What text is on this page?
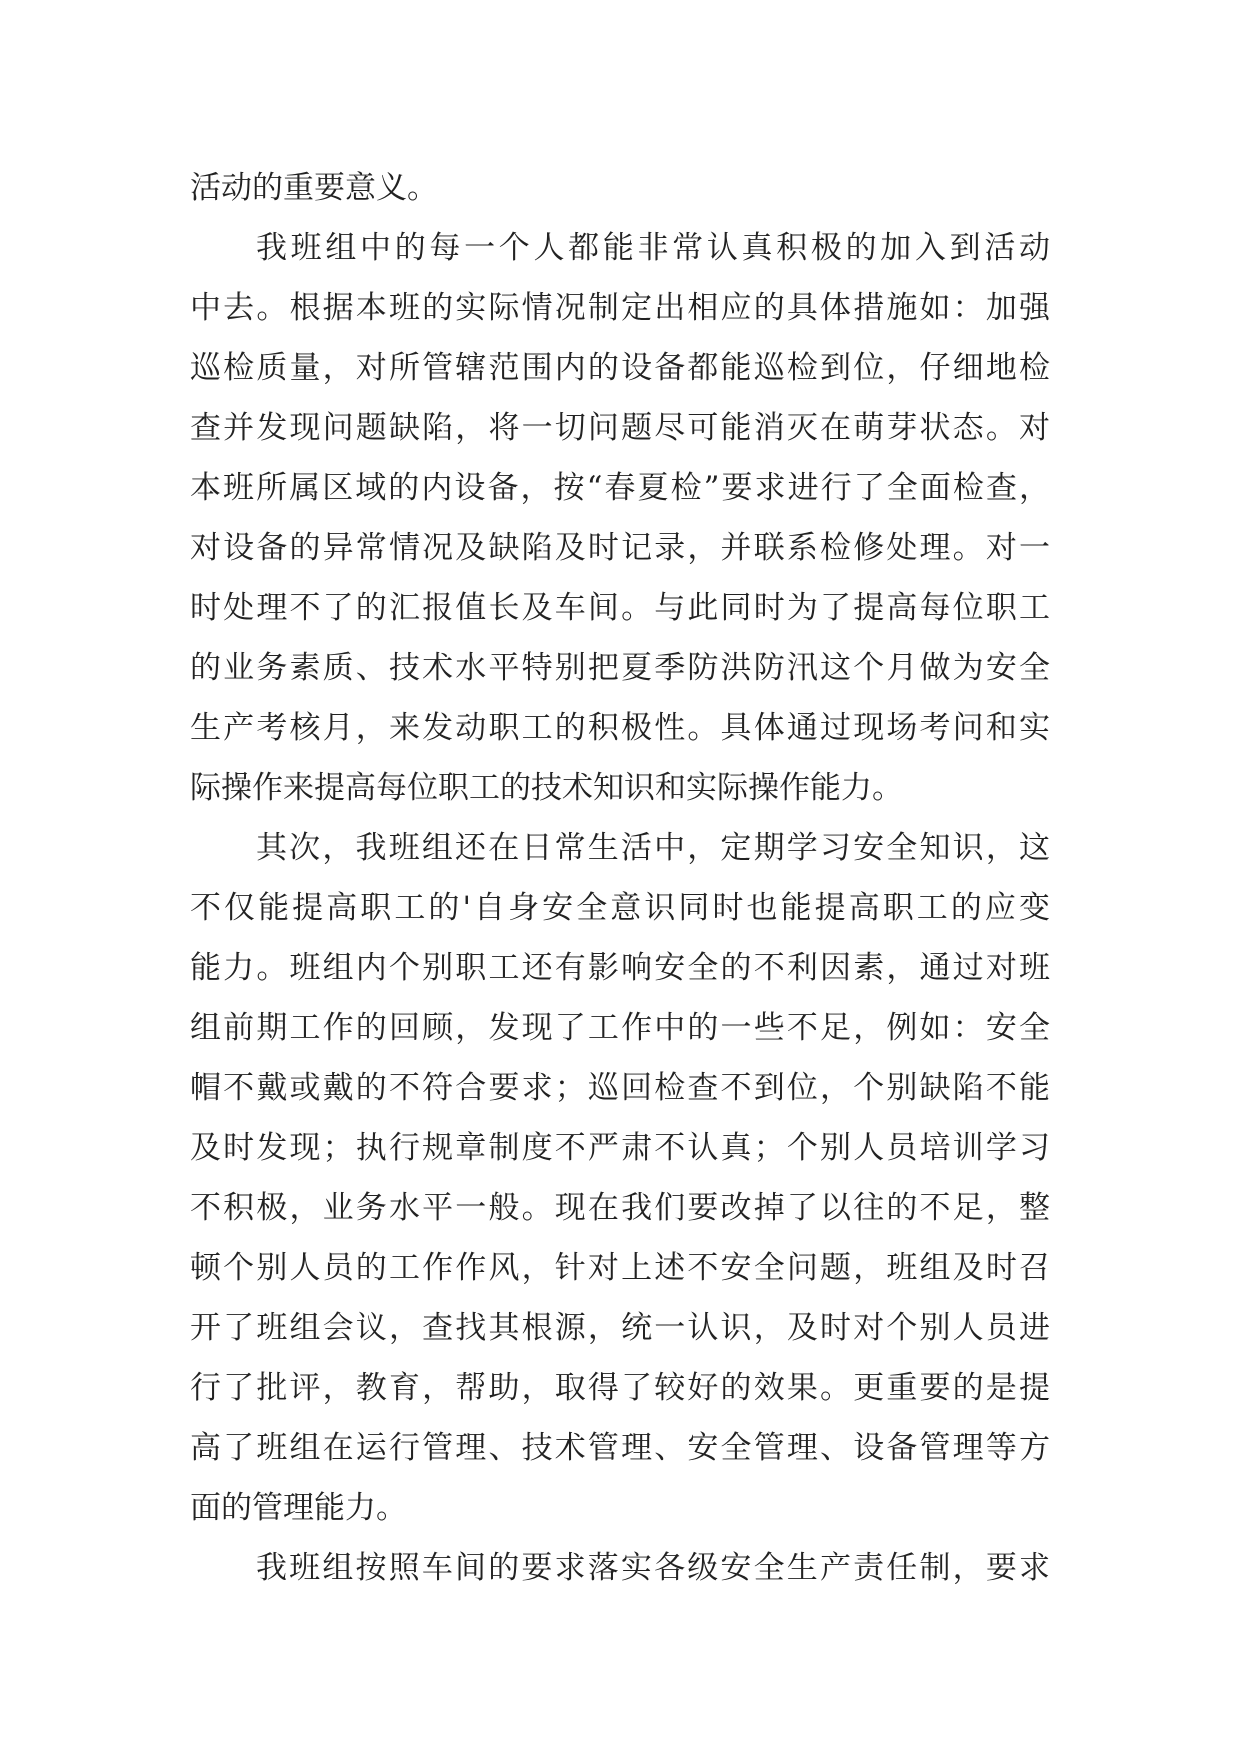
活动的重要意义。
我班组中的每一个人都能非常认真积极的加入到活动
中去。根据本班的实际情况制定出相应的具体措施如：加强
巡检质量，对所管辖范围内的设备都能巡检到位，仔细地检
查并发现问题缺陷，将一切问题尽可能消灭在萌芽状态。对
本班所属区域的内设备，按“春夏检”要求进行了全面检查，
对设备的异常情况及缺陷及时记录，并联系检修处理。对一
时处理不了的汇报值长及车间。与此同时为了提高每位职工
的业务素质、技术水平特别把夏季防洪防汛这个月做为安全
生产考核月，来发动职工的积极性。具体通过现场考问和实
际操作来提高每位职工的技术知识和实际操作能力。
其次，我班组还在日常生活中，定期学习安全知识，这
不仅能提高职工的'自身安全意识同时也能提高职工的应变
能力。班组内个别职工还有影响安全的不利因素，通过对班
组前期工作的回顾，发现了工作中的一些不足，例如：安全
帽不戴或戴的不符合要求；巡回检查不到位，个别缺陷不能
及时发现；执行规章制度不严肃不认真；个别人员培训学习
不积极，业务水平一般。现在我们要改掉了以往的不足，整
顿个别人员的工作作风，针对上述不安全问题，班组及时召
开了班组会议，查找其根源，统一认识，及时对个别人员进
行了批评，教育，帮助，取得了较好的效果。更重要的是提
高了班组在运行管理、技术管理、安全管理、设备管理等方
面的管理能力。
我班组按照车间的要求落实各级安全生产责任制，要求
